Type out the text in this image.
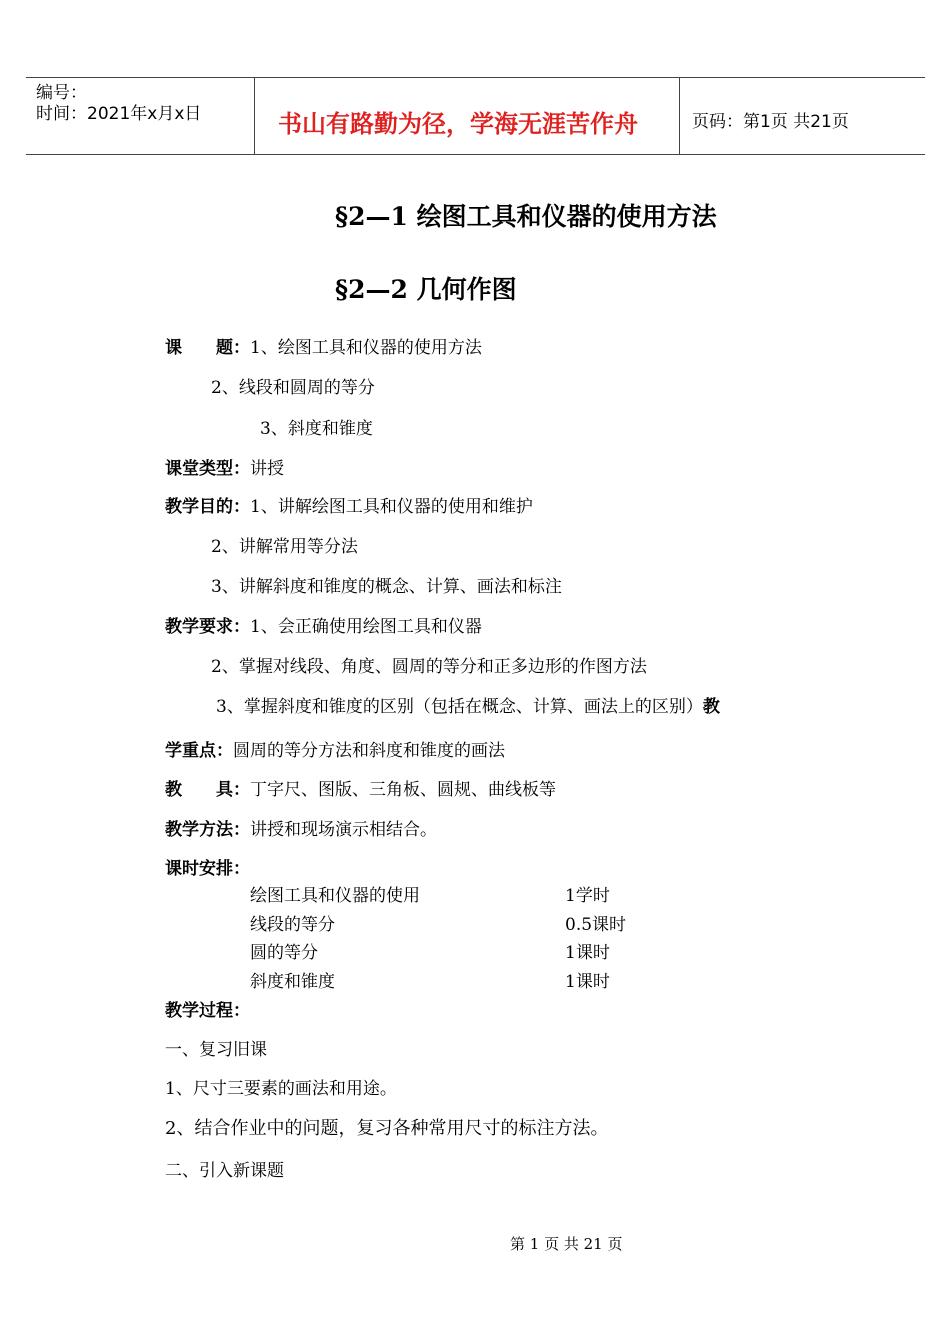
编号：
时间：2021年x月x日	书山有路勤为径，学海无涯苦作舟	页码：第1页 共21页
§2—1 绘图工具和仪器的使用方法
§2—2 几何作图
课　　题：1、绘图工具和仪器的使用方法
2、线段和圆周的等分
3、斜度和锥度
课堂类型：讲授
教学目的：1、讲解绘图工具和仪器的使用和维护
2、讲解常用等分法
3、讲解斜度和锥度的概念、计算、画法和标注
教学要求：1、会正确使用绘图工具和仪器
2、掌握对线段、角度、圆周的等分和正多边形的作图方法
3、掌握斜度和锥度的区别（包括在概念、计算、画法上的区别）教
学重点：圆周的等分方法和斜度和锥度的画法
教　　具：丁字尺、图版、三角板、圆规、曲线板等
教学方法：讲授和现场演示相结合。
课时安排：
绘图工具和仪器的使用	1学时
线段的等分	0.5课时
圆的等分	1课时
斜度和锥度	1课时
教学过程：
一、复习旧课
1、尺寸三要素的画法和用途。
2、结合作业中的问题，复习各种常用尺寸的标注方法。
二、引入新课题
第 1 页 共 21 页
